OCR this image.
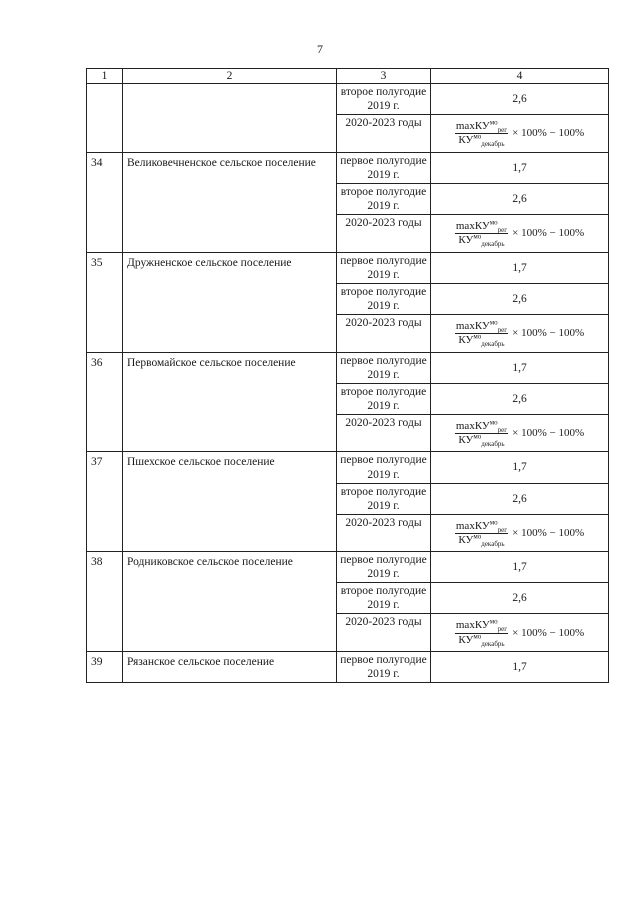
7
1	2	3	4
		второе полугодие 2019 г.	2,6
		2020-2023 годы	$\frac{\max КУ^{мо}_{рег}}{КУ^{мо}_{декабрь}} \times 100\% - 100\%$

34	Великовечненское сельское поселение	первое полугодие 2019 г.	1,7
		второе полугодие 2019 г.	2,6
		2020-2023 годы	$\frac{\max КУ^{мо}_{рег}}{КУ^{мо}_{декабрь}} \times 100\% - 100\%$

35	Дружненское сельское поселение	первое полугодие 2019 г.	1,7
		второе полугодие 2019 г.	2,6
		2020-2023 годы	$\frac{\max КУ^{мо}_{рег}}{КУ^{мо}_{декабрь}} \times 100\% - 100\%$

36	Первомайское сельское поселение	первое полугодие 2019 г.	1,7
		второе полугодие 2019 г.	2,6
		2020-2023 годы	$\frac{\max КУ^{мо}_{рег}}{КУ^{мо}_{декабрь}} \times 100\% - 100\%$

37	Пшехское сельское поселение	первое полугодие 2019 г.	1,7
		второе полугодие 2019 г.	2,6
		2020-2023 годы	$\frac{\max КУ^{мо}_{рег}}{КУ^{мо}_{декабрь}} \times 100\% - 100\%$

38	Родниковское сельское поселение	первое полугодие 2019 г.	1,7
		второе полугодие 2019 г.	2,6
		2020-2023 годы	$\frac{\max КУ^{мо}_{рег}}{КУ^{мо}_{декабрь}} \times 100\% - 100\%$

39	Рязанское сельское поселение	первое полугодие 2019 г.	1,7
